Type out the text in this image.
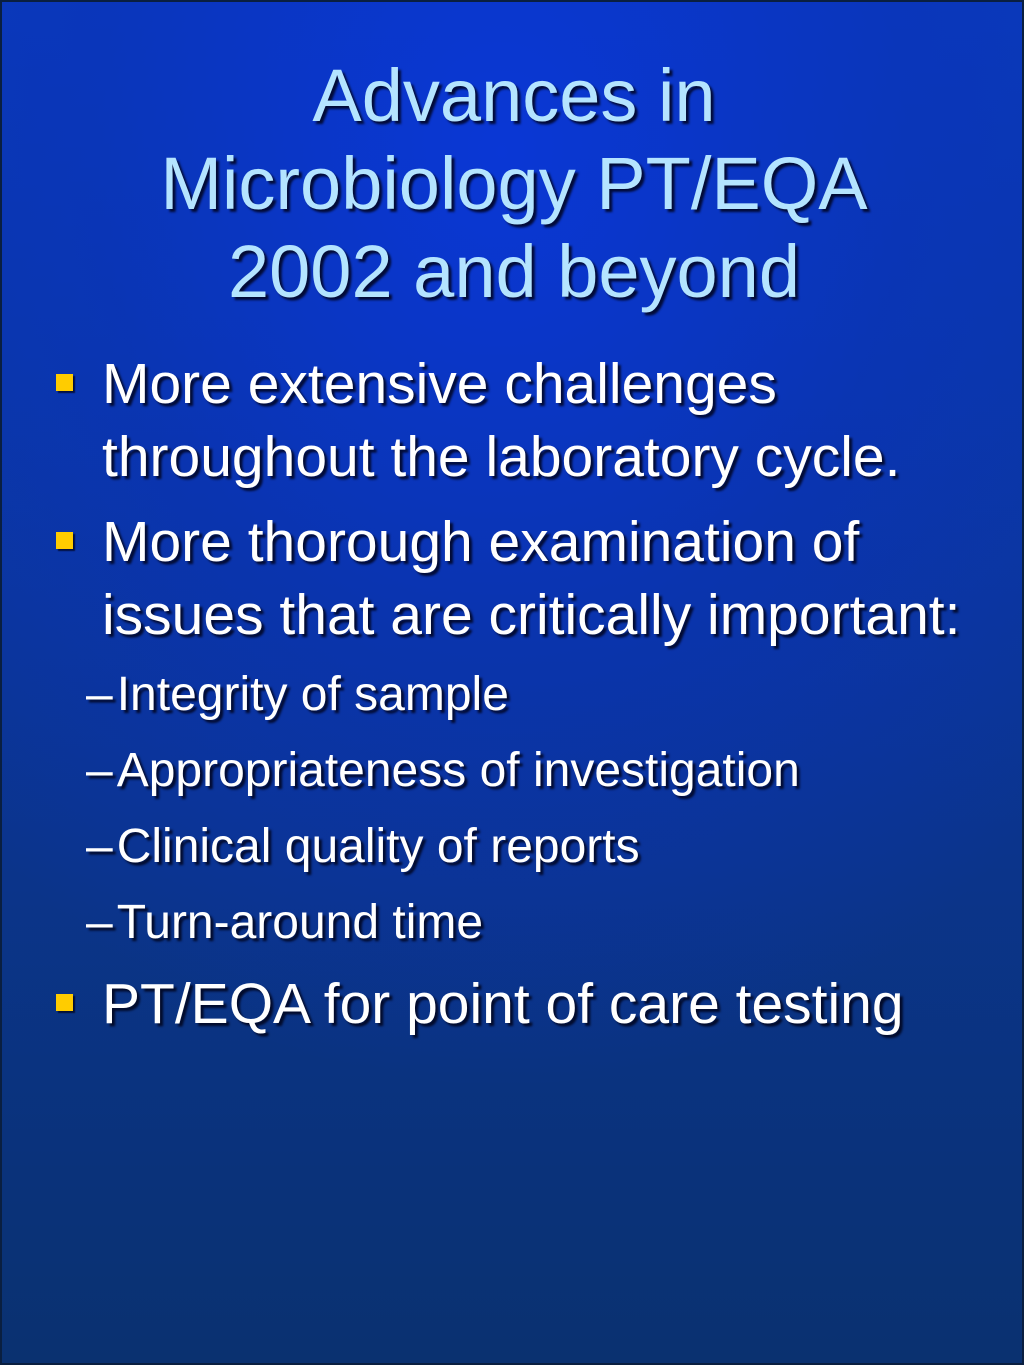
Advances in
Microbiology PT/EQA
2002 and beyond
More extensive challenges throughout the laboratory cycle.
More thorough examination of issues that are critically important:
–Integrity of sample
–Appropriateness of investigation
–Clinical quality of reports
–Turn-around time
PT/EQA for point of care testing
